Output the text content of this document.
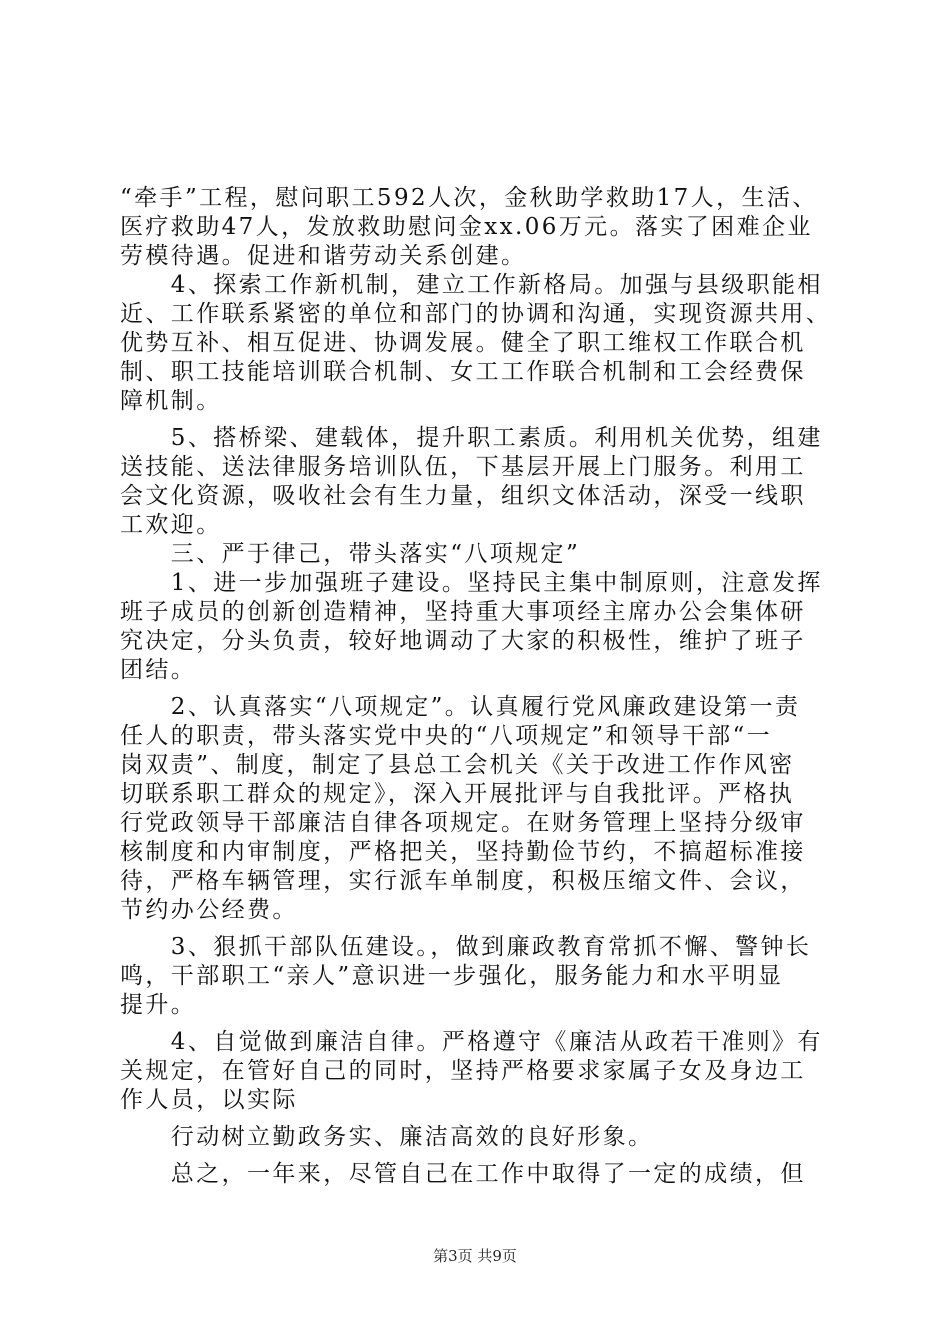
“牵手”工程，慰问职工592人次，金秋助学救助17人，生活、
医疗救助47人，发放救助慰问金xx.06万元。落实了困难企业
劳模待遇。促进和谐劳动关系创建。
　　4、探索工作新机制，建立工作新格局。加强与县级职能相
近、工作联系紧密的单位和部门的协调和沟通，实现资源共用、
优势互补、相互促进、协调发展。健全了职工维权工作联合机
制、职工技能培训联合机制、女工工作联合机制和工会经费保
障机制。
　　5、搭桥梁、建载体，提升职工素质。利用机关优势，组建
送技能、送法律服务培训队伍，下基层开展上门服务。利用工
会文化资源，吸收社会有生力量，组织文体活动，深受一线职
工欢迎。
　　三、严于律己，带头落实“八项规定”
　　1、进一步加强班子建设。坚持民主集中制原则，注意发挥
班子成员的创新创造精神，坚持重大事项经主席办公会集体研
究决定，分头负责，较好地调动了大家的积极性，维护了班子
团结。
　　2、认真落实“八项规定”。认真履行党风廉政建设第一责
任人的职责，带头落实党中央的“八项规定”和领导干部“一
岗双责”、制度，制定了县总工会机关《关于改进工作作风密
切联系职工群众的规定》，深入开展批评与自我批评。严格执
行党政领导干部廉洁自律各项规定。在财务管理上坚持分级审
核制度和内审制度，严格把关，坚持勤俭节约，不搞超标准接
待，严格车辆管理，实行派车单制度，积极压缩文件、会议，
节约办公经费。
　　3、狠抓干部队伍建设。，做到廉政教育常抓不懈、警钟长
鸣，干部职工“亲人”意识进一步强化，服务能力和水平明显
提升。
　　4、自觉做到廉洁自律。严格遵守《廉洁从政若干准则》有
关规定，在管好自己的同时，坚持严格要求家属子女及身边工
作人员，以实际
　　行动树立勤政务实、廉洁高效的良好形象。
　　总之，一年来，尽管自己在工作中取得了一定的成绩，但
第3页 共9页
